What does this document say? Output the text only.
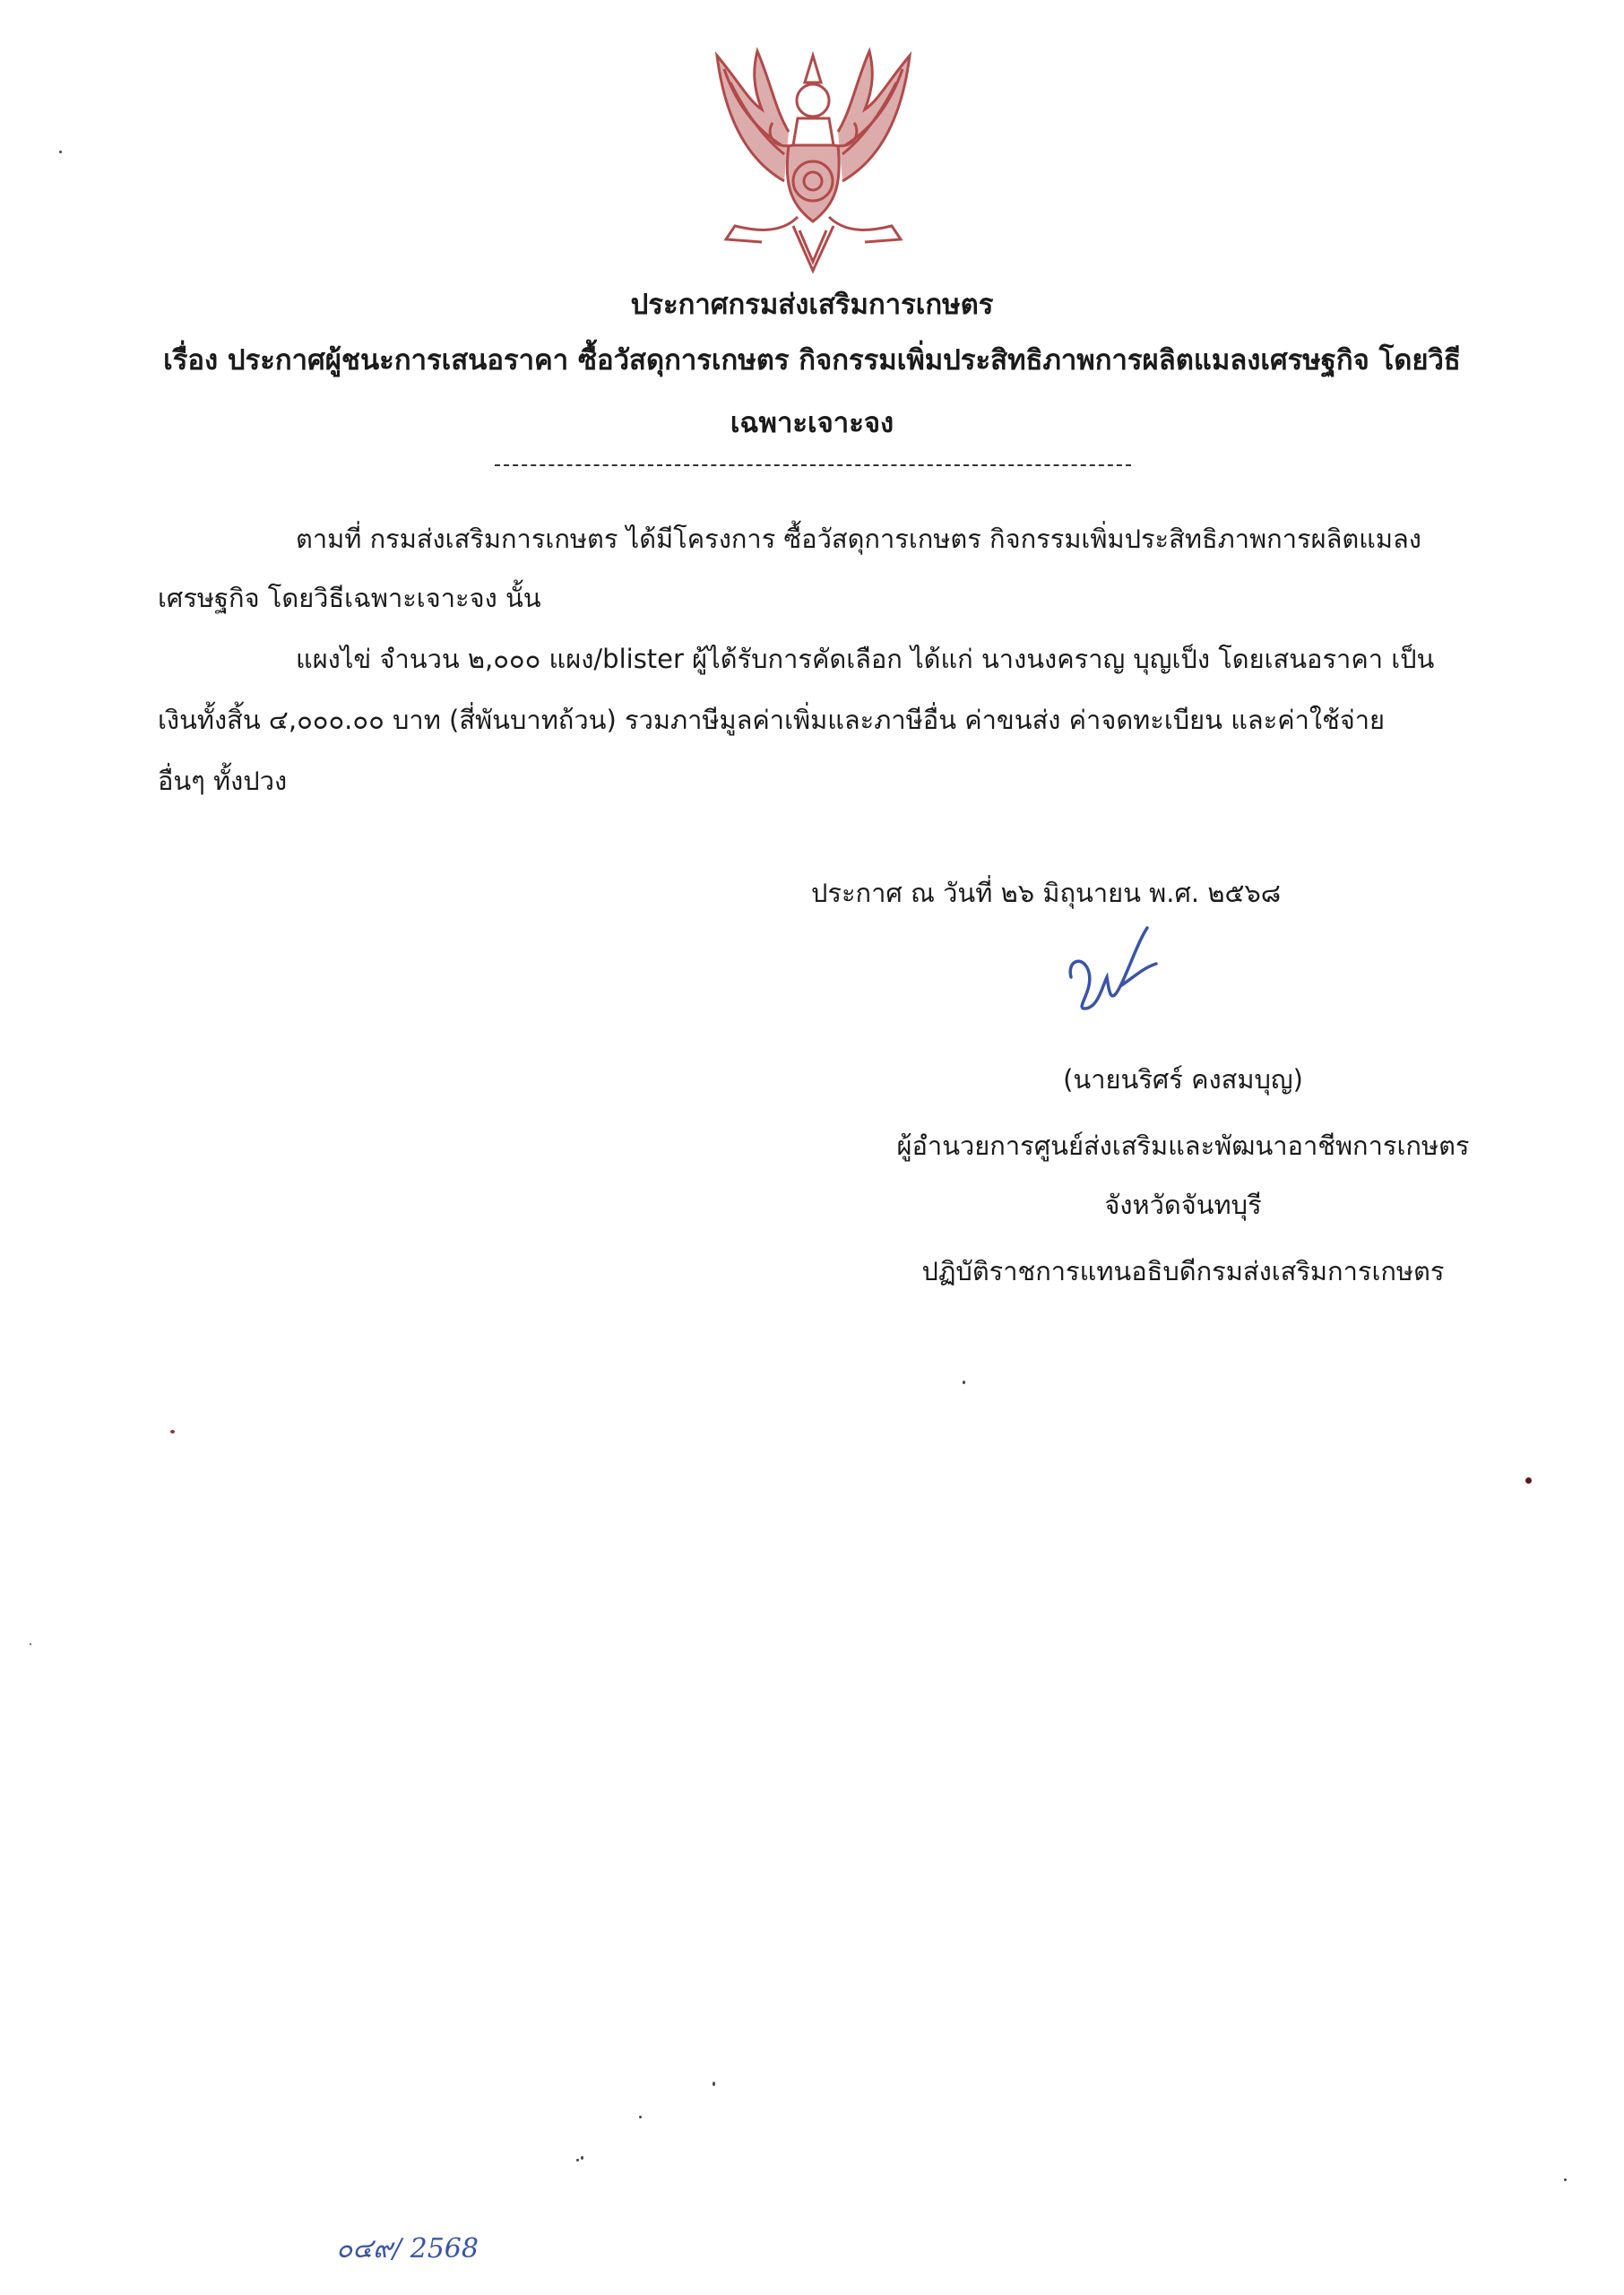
ประกาศกรมส่งเสริมการเกษตร
เรื่อง ประกาศผู้ชนะการเสนอราคา ซื้อวัสดุการเกษตร กิจกรรมเพิ่มประสิทธิภาพการผลิตแมลงเศรษฐกิจ โดยวิธี
เฉพาะเจาะจง
ตามที่ กรมส่งเสริมการเกษตร ได้มีโครงการ ซื้อวัสดุการเกษตร กิจกรรมเพิ่มประสิทธิภาพการผลิตแมลง
เศรษฐกิจ โดยวิธีเฉพาะเจาะจง นั้น
แผงไข่ จำนวน ๒,๐๐๐ แผง/blister ผู้ได้รับการคัดเลือก ได้แก่ นางนงคราญ บุญเป็ง โดยเสนอราคา เป็น
เงินทั้งสิ้น ๔,๐๐๐.๐๐ บาท (สี่พันบาทถ้วน) รวมภาษีมูลค่าเพิ่มและภาษีอื่น ค่าขนส่ง ค่าจดทะเบียน และค่าใช้จ่าย
อื่นๆ ทั้งปวง
ประกาศ ณ วันที่ ๒๖ มิถุนายน พ.ศ. ๒๕๖๘
(นายนริศร์ คงสมบุญ)
ผู้อำนวยการศูนย์ส่งเสริมและพัฒนาอาชีพการเกษตร
จังหวัดจันทบุรี
ปฏิบัติราชการแทนอธิบดีกรมส่งเสริมการเกษตร
๐๔๙/ 2568
